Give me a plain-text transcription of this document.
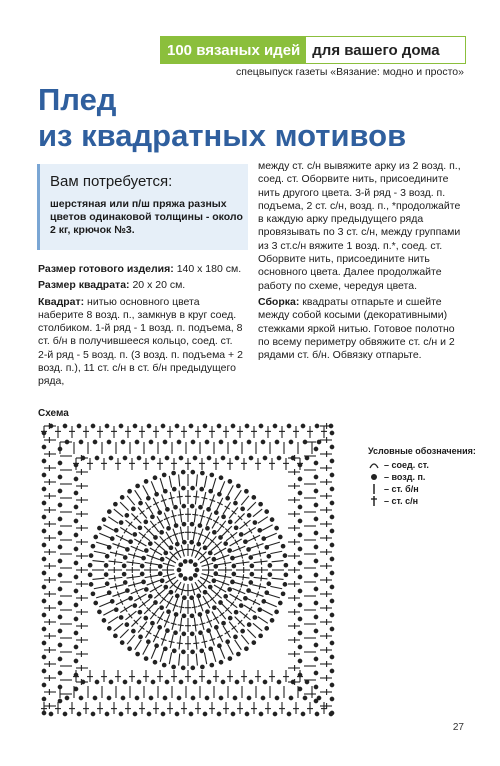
100 вязаных идей для вашего дома
спецвыпуск газеты «Вязание: модно и просто»
Плед
из квадратных мотивов
Вам потребуется:
шерстяная или п/ш пряжа разных цветов одинаковой толщины - около 2 кг, крючок №3.

Размер готового изделия: 140 х 180 см.

Размер квадрата: 20 х 20 см.

Квадрат: нитью основного цвета наберите 8 возд. п., замкнув в круг соед. столбиком. 1-й ряд - 1 возд. п. подъема, 8 ст. б/н в получившееся кольцо, соед. ст. 2-й ряд - 5 возд. п. (3 возд. п. подъема + 2 возд. п.), 11 ст. с/н в ст. б/н предыдущего ряда,

между ст. с/н вывяжите арку из 2 возд. п., соед. ст. Оборвите нить, присоедините нить другого цвета. 3-й ряд - 3 возд. п. подъема, 2 ст. с/н, возд. п., *продолжайте в каждую арку предыдущего ряда провязывать по 3 ст. с/н, между группами из 3 ст.с/н вяжите 1 возд. п.*, соед. ст. Оборвите нить, присоедините нить основного цвета. Далее продолжайте работу по схеме, чередуя цвета.

Сборка: квадраты отпарьте и сшейте между собой косыми (декоративными) стежками яркой нитью. Готовое полотно по всему периметру обвяжите ст. с/н и 2 рядами ст. б/н. Обвязку отпарьте.

Схема
Условные обозначения:
– соед. ст.
– возд. п.
– ст. б/н
– ст. с/н
27
